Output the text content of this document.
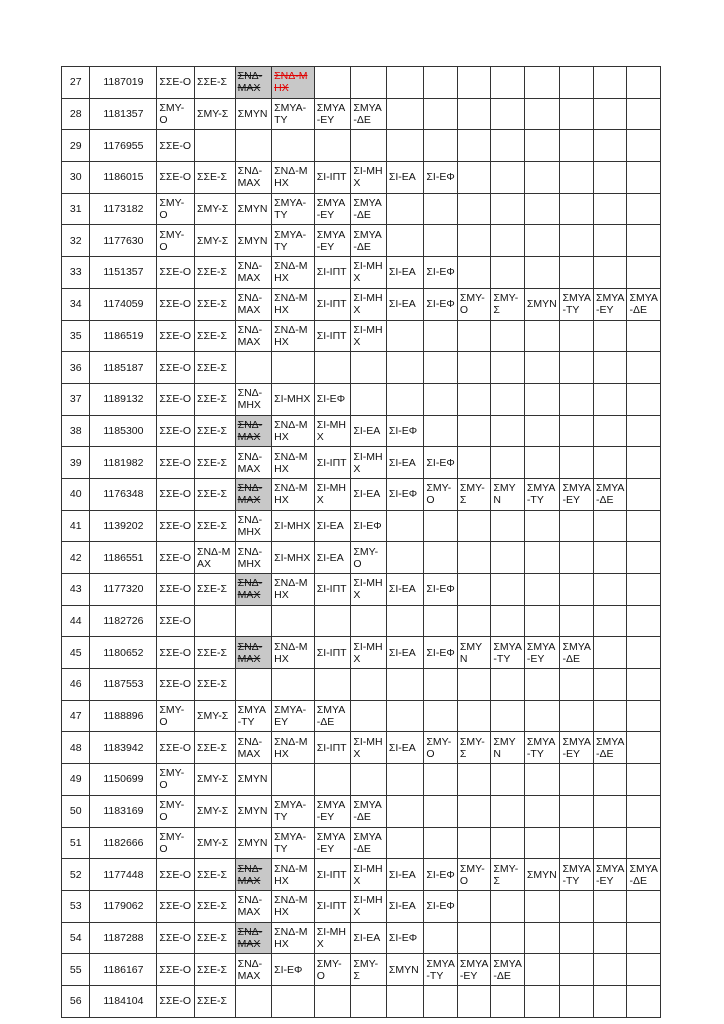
27	1187019	ΣΣΕ-Ο	ΣΣΕ-Σ	ΣΝΔ-ΜΑΧ	ΣΝΔ-ΜΗΧ										
28	1181357	ΣΜΥ-Ο	ΣΜΥ-Σ	ΣΜΥΝ	ΣΜΥΑ-ΤΥ	ΣΜΥΑ-ΕΥ	ΣΜΥΑ-ΔΕ								
29	1176955	ΣΣΕ-Ο													
30	1186015	ΣΣΕ-Ο	ΣΣΕ-Σ	ΣΝΔ-ΜΑΧ	ΣΝΔ-ΜΗΧ	ΣΙ-ΙΠΤ	ΣΙ-ΜΗΧ	ΣΙ-ΕΑ	ΣΙ-ΕΦ						
31	1173182	ΣΜΥ-Ο	ΣΜΥ-Σ	ΣΜΥΝ	ΣΜΥΑ-ΤΥ	ΣΜΥΑ-ΕΥ	ΣΜΥΑ-ΔΕ								
32	1177630	ΣΜΥ-Ο	ΣΜΥ-Σ	ΣΜΥΝ	ΣΜΥΑ-ΤΥ	ΣΜΥΑ-ΕΥ	ΣΜΥΑ-ΔΕ								
33	1151357	ΣΣΕ-Ο	ΣΣΕ-Σ	ΣΝΔ-ΜΑΧ	ΣΝΔ-ΜΗΧ	ΣΙ-ΙΠΤ	ΣΙ-ΜΗΧ	ΣΙ-ΕΑ	ΣΙ-ΕΦ						
34	1174059	ΣΣΕ-Ο	ΣΣΕ-Σ	ΣΝΔ-ΜΑΧ	ΣΝΔ-ΜΗΧ	ΣΙ-ΙΠΤ	ΣΙ-ΜΗΧ	ΣΙ-ΕΑ	ΣΙ-ΕΦ	ΣΜΥ-Ο	ΣΜΥ-Σ	ΣΜΥΝ	ΣΜΥΑ-ΤΥ	ΣΜΥΑ-ΕΥ	ΣΜΥΑ-ΔΕ
35	1186519	ΣΣΕ-Ο	ΣΣΕ-Σ	ΣΝΔ-ΜΑΧ	ΣΝΔ-ΜΗΧ	ΣΙ-ΙΠΤ	ΣΙ-ΜΗΧ								
36	1185187	ΣΣΕ-Ο	ΣΣΕ-Σ												
37	1189132	ΣΣΕ-Ο	ΣΣΕ-Σ	ΣΝΔ-ΜΗΧ	ΣΙ-ΜΗΧ	ΣΙ-ΕΦ									
38	1185300	ΣΣΕ-Ο	ΣΣΕ-Σ	ΣΝΔ-ΜΑΧ	ΣΝΔ-ΜΗΧ	ΣΙ-ΜΗΧ	ΣΙ-ΕΑ	ΣΙ-ΕΦ							
39	1181982	ΣΣΕ-Ο	ΣΣΕ-Σ	ΣΝΔ-ΜΑΧ	ΣΝΔ-ΜΗΧ	ΣΙ-ΙΠΤ	ΣΙ-ΜΗΧ	ΣΙ-ΕΑ	ΣΙ-ΕΦ						
40	1176348	ΣΣΕ-Ο	ΣΣΕ-Σ	ΣΝΔ-ΜΑΧ	ΣΝΔ-ΜΗΧ	ΣΙ-ΜΗΧ	ΣΙ-ΕΑ	ΣΙ-ΕΦ	ΣΜΥ-Ο	ΣΜΥ-Σ	ΣΜΥΝ	ΣΜΥΑ-ΤΥ	ΣΜΥΑ-ΕΥ	ΣΜΥΑ-ΔΕ	
41	1139202	ΣΣΕ-Ο	ΣΣΕ-Σ	ΣΝΔ-ΜΗΧ	ΣΙ-ΜΗΧ	ΣΙ-ΕΑ	ΣΙ-ΕΦ								
42	1186551	ΣΣΕ-Ο	ΣΝΔ-ΜΑΧ	ΣΝΔ-ΜΗΧ	ΣΙ-ΜΗΧ	ΣΙ-ΕΑ	ΣΜΥ-Ο								
43	1177320	ΣΣΕ-Ο	ΣΣΕ-Σ	ΣΝΔ-ΜΑΧ	ΣΝΔ-ΜΗΧ	ΣΙ-ΙΠΤ	ΣΙ-ΜΗΧ	ΣΙ-ΕΑ	ΣΙ-ΕΦ						
44	1182726	ΣΣΕ-Ο													
45	1180652	ΣΣΕ-Ο	ΣΣΕ-Σ	ΣΝΔ-ΜΑΧ	ΣΝΔ-ΜΗΧ	ΣΙ-ΙΠΤ	ΣΙ-ΜΗΧ	ΣΙ-ΕΑ	ΣΙ-ΕΦ	ΣΜΥΝ	ΣΜΥΑ-ΤΥ	ΣΜΥΑ-ΕΥ	ΣΜΥΑ-ΔΕ		
46	1187553	ΣΣΕ-Ο	ΣΣΕ-Σ												
47	1188896	ΣΜΥ-Ο	ΣΜΥ-Σ	ΣΜΥΑ-ΤΥ	ΣΜΥΑ-ΕΥ	ΣΜΥΑ-ΔΕ									
48	1183942	ΣΣΕ-Ο	ΣΣΕ-Σ	ΣΝΔ-ΜΑΧ	ΣΝΔ-ΜΗΧ	ΣΙ-ΙΠΤ	ΣΙ-ΜΗΧ	ΣΙ-ΕΑ	ΣΜΥ-Ο	ΣΜΥ-Σ	ΣΜΥΝ	ΣΜΥΑ-ΤΥ	ΣΜΥΑ-ΕΥ	ΣΜΥΑ-ΔΕ	
49	1150699	ΣΜΥ-Ο	ΣΜΥ-Σ	ΣΜΥΝ											
50	1183169	ΣΜΥ-Ο	ΣΜΥ-Σ	ΣΜΥΝ	ΣΜΥΑ-ΤΥ	ΣΜΥΑ-ΕΥ	ΣΜΥΑ-ΔΕ								
51	1182666	ΣΜΥ-Ο	ΣΜΥ-Σ	ΣΜΥΝ	ΣΜΥΑ-ΤΥ	ΣΜΥΑ-ΕΥ	ΣΜΥΑ-ΔΕ								
52	1177448	ΣΣΕ-Ο	ΣΣΕ-Σ	ΣΝΔ-ΜΑΧ	ΣΝΔ-ΜΗΧ	ΣΙ-ΙΠΤ	ΣΙ-ΜΗΧ	ΣΙ-ΕΑ	ΣΙ-ΕΦ	ΣΜΥ-Ο	ΣΜΥ-Σ	ΣΜΥΝ	ΣΜΥΑ-ΤΥ	ΣΜΥΑ-ΕΥ	ΣΜΥΑ-ΔΕ
53	1179062	ΣΣΕ-Ο	ΣΣΕ-Σ	ΣΝΔ-ΜΑΧ	ΣΝΔ-ΜΗΧ	ΣΙ-ΙΠΤ	ΣΙ-ΜΗΧ	ΣΙ-ΕΑ	ΣΙ-ΕΦ						
54	1187288	ΣΣΕ-Ο	ΣΣΕ-Σ	ΣΝΔ-ΜΑΧ	ΣΝΔ-ΜΗΧ	ΣΙ-ΜΗΧ	ΣΙ-ΕΑ	ΣΙ-ΕΦ							
55	1186167	ΣΣΕ-Ο	ΣΣΕ-Σ	ΣΝΔ-ΜΑΧ	ΣΙ-ΕΦ	ΣΜΥ-Ο	ΣΜΥ-Σ	ΣΜΥΝ	ΣΜΥΑ-ΤΥ	ΣΜΥΑ-ΕΥ	ΣΜΥΑ-ΔΕ				
56	1184104	ΣΣΕ-Ο	ΣΣΕ-Σ												
